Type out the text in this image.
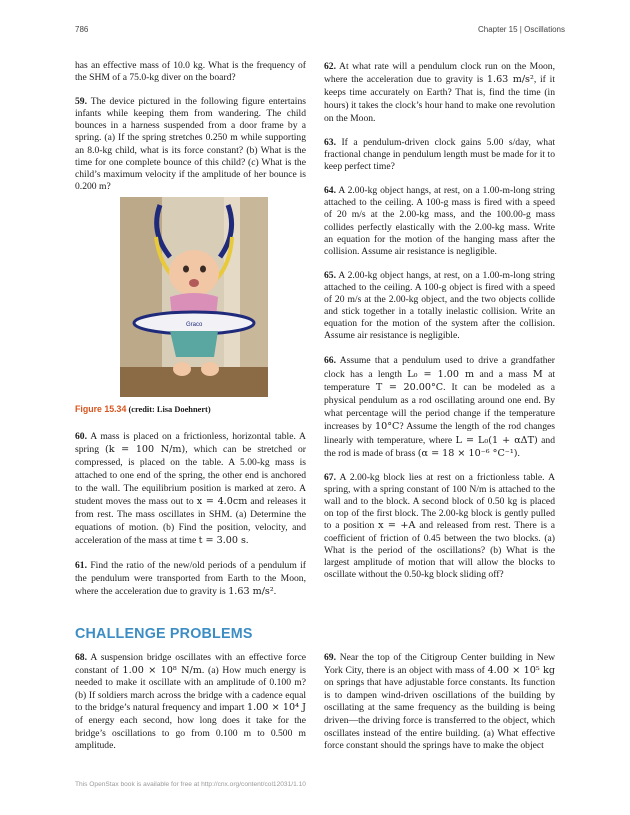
786	Chapter 15 | Oscillations

has an effective mass of 10.0 kg. What is the frequency of the SHM of a 75.0-kg diver on the board?

59. The device pictured in the following figure entertains infants while keeping them from wandering. The child bounces in a harness suspended from a door frame by a spring. (a) If the spring stretches 0.250 m while supporting an 8.0-kg child, what is its force constant? (b) What is the time for one complete bounce of this child? (c) What is the child’s maximum velocity if the amplitude of her bounce is 0.200 m?

Graco
Figure 15.34 (credit: Lisa Doehnert)

60. A mass is placed on a frictionless, horizontal table. A spring (k = 100 N/m), which can be stretched or compressed, is placed on the table. A 5.00-kg mass is attached to one end of the spring, the other end is anchored to the wall. The equilibrium position is marked at zero. A student moves the mass out to x = 4.0cm and releases it from rest. The mass oscillates in SHM. (a) Determine the equations of motion. (b) Find the position, velocity, and acceleration of the mass at time t = 3.00 s.

61. Find the ratio of the new/old periods of a pendulum if the pendulum were transported from Earth to the Moon, where the acceleration due to gravity is 1.63 m/s².

62. At what rate will a pendulum clock run on the Moon, where the acceleration due to gravity is 1.63 m/s², if it keeps time accurately on Earth? That is, find the time (in hours) it takes the clock’s hour hand to make one revolution on the Moon.

63. If a pendulum-driven clock gains 5.00 s/day, what fractional change in pendulum length must be made for it to keep perfect time?

64. A 2.00-kg object hangs, at rest, on a 1.00-m-long string attached to the ceiling. A 100-g mass is fired with a speed of 20 m/s at the 2.00-kg mass, and the 100.00-g mass collides perfectly elastically with the 2.00-kg mass. Write an equation for the motion of the hanging mass after the collision. Assume air resistance is negligible.

65. A 2.00-kg object hangs, at rest, on a 1.00-m-long string attached to the ceiling. A 100-g object is fired with a speed of 20 m/s at the 2.00-kg object, and the two objects collide and stick together in a totally inelastic collision. Write an equation for the motion of the system after the collision. Assume air resistance is negligible.

66. Assume that a pendulum used to drive a grandfather clock has a length L₀ = 1.00 m and a mass M at temperature T = 20.00°C. It can be modeled as a physical pendulum as a rod oscillating around one end. By what percentage will the period change if the temperature increases by 10°C? Assume the length of the rod changes linearly with temperature, where L = L₀(1 + αΔT) and the rod is made of brass (α = 18 × 10⁻⁶ °C⁻¹).

67. A 2.00-kg block lies at rest on a frictionless table. A spring, with a spring constant of 100 N/m is attached to the wall and to the block. A second block of 0.50 kg is placed on top of the first block. The 2.00-kg block is gently pulled to a position x = +A and released from rest. There is a coefficient of friction of 0.45 between the two blocks. (a) What is the period of the oscillations? (b) What is the largest amplitude of motion that will allow the blocks to oscillate without the 0.50-kg block sliding off?

CHALLENGE PROBLEMS

68. A suspension bridge oscillates with an effective force constant of 1.00 × 10⁸ N/m. (a) How much energy is needed to make it oscillate with an amplitude of 0.100 m? (b) If soldiers march across the bridge with a cadence equal to the bridge’s natural frequency and impart 1.00 × 10⁴ J of energy each second, how long does it take for the bridge’s oscillations to go from 0.100 m to 0.500 m amplitude.

69. Near the top of the Citigroup Center building in New York City, there is an object with mass of 4.00 × 10⁵ kg on springs that have adjustable force constants. Its function is to dampen wind-driven oscillations of the building by oscillating at the same frequency as the building is being driven—the driving force is transferred to the object, which oscillates instead of the entire building. (a) What effective force constant should the springs have to make the object

This OpenStax book is available for free at http://cnx.org/content/col12031/1.10
